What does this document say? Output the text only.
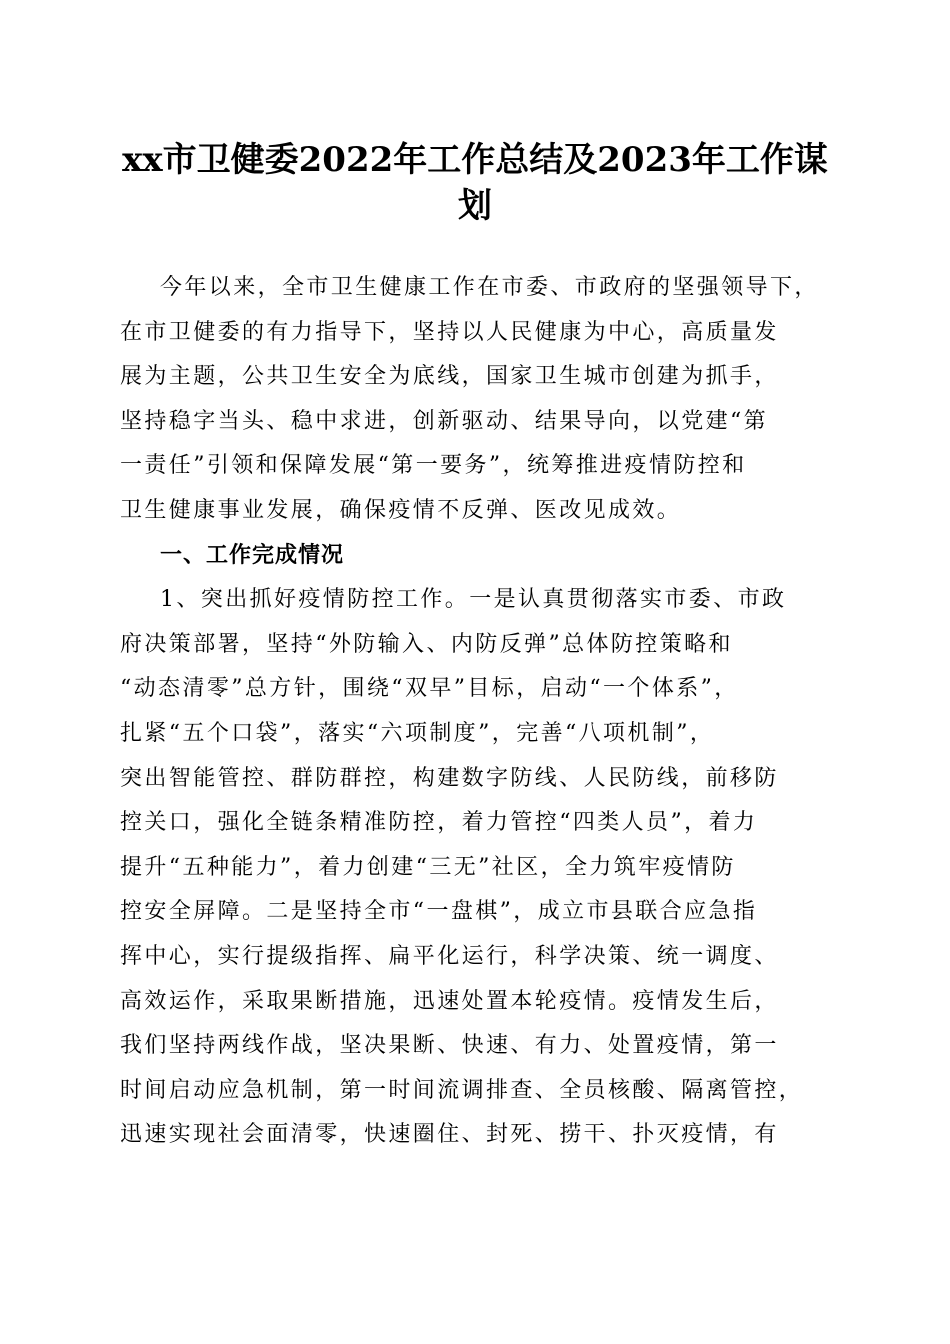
xx市卫健委2022年工作总结及2023年工作谋
划
今年以来，全市卫生健康工作在市委、市政府的坚强领导下，
在市卫健委的有力指导下，坚持以人民健康为中心，高质量发
展为主题，公共卫生安全为底线，国家卫生城市创建为抓手，
坚持稳字当头、稳中求进，创新驱动、结果导向，以党建“第
一责任”引领和保障发展“第一要务”，统筹推进疫情防控和
卫生健康事业发展，确保疫情不反弹、医改见成效。
一、工作完成情况
1、突出抓好疫情防控工作。一是认真贯彻落实市委、市政
府决策部署，坚持“外防输入、内防反弹”总体防控策略和
“动态清零”总方针，围绕“双早”目标，启动“一个体系”，
扎紧“五个口袋”，落实“六项制度”，完善“八项机制”，
突出智能管控、群防群控，构建数字防线、人民防线，前移防
控关口，强化全链条精准防控，着力管控“四类人员”，着力
提升“五种能力”，着力创建“三无”社区，全力筑牢疫情防
控安全屏障。二是坚持全市“一盘棋”，成立市县联合应急指
挥中心，实行提级指挥、扁平化运行，科学决策、统一调度、
高效运作，采取果断措施，迅速处置本轮疫情。疫情发生后，
我们坚持两线作战，坚决果断、快速、有力、处置疫情，第一
时间启动应急机制，第一时间流调排查、全员核酸、隔离管控，
迅速实现社会面清零，快速圈住、封死、捞干、扑灭疫情，有
